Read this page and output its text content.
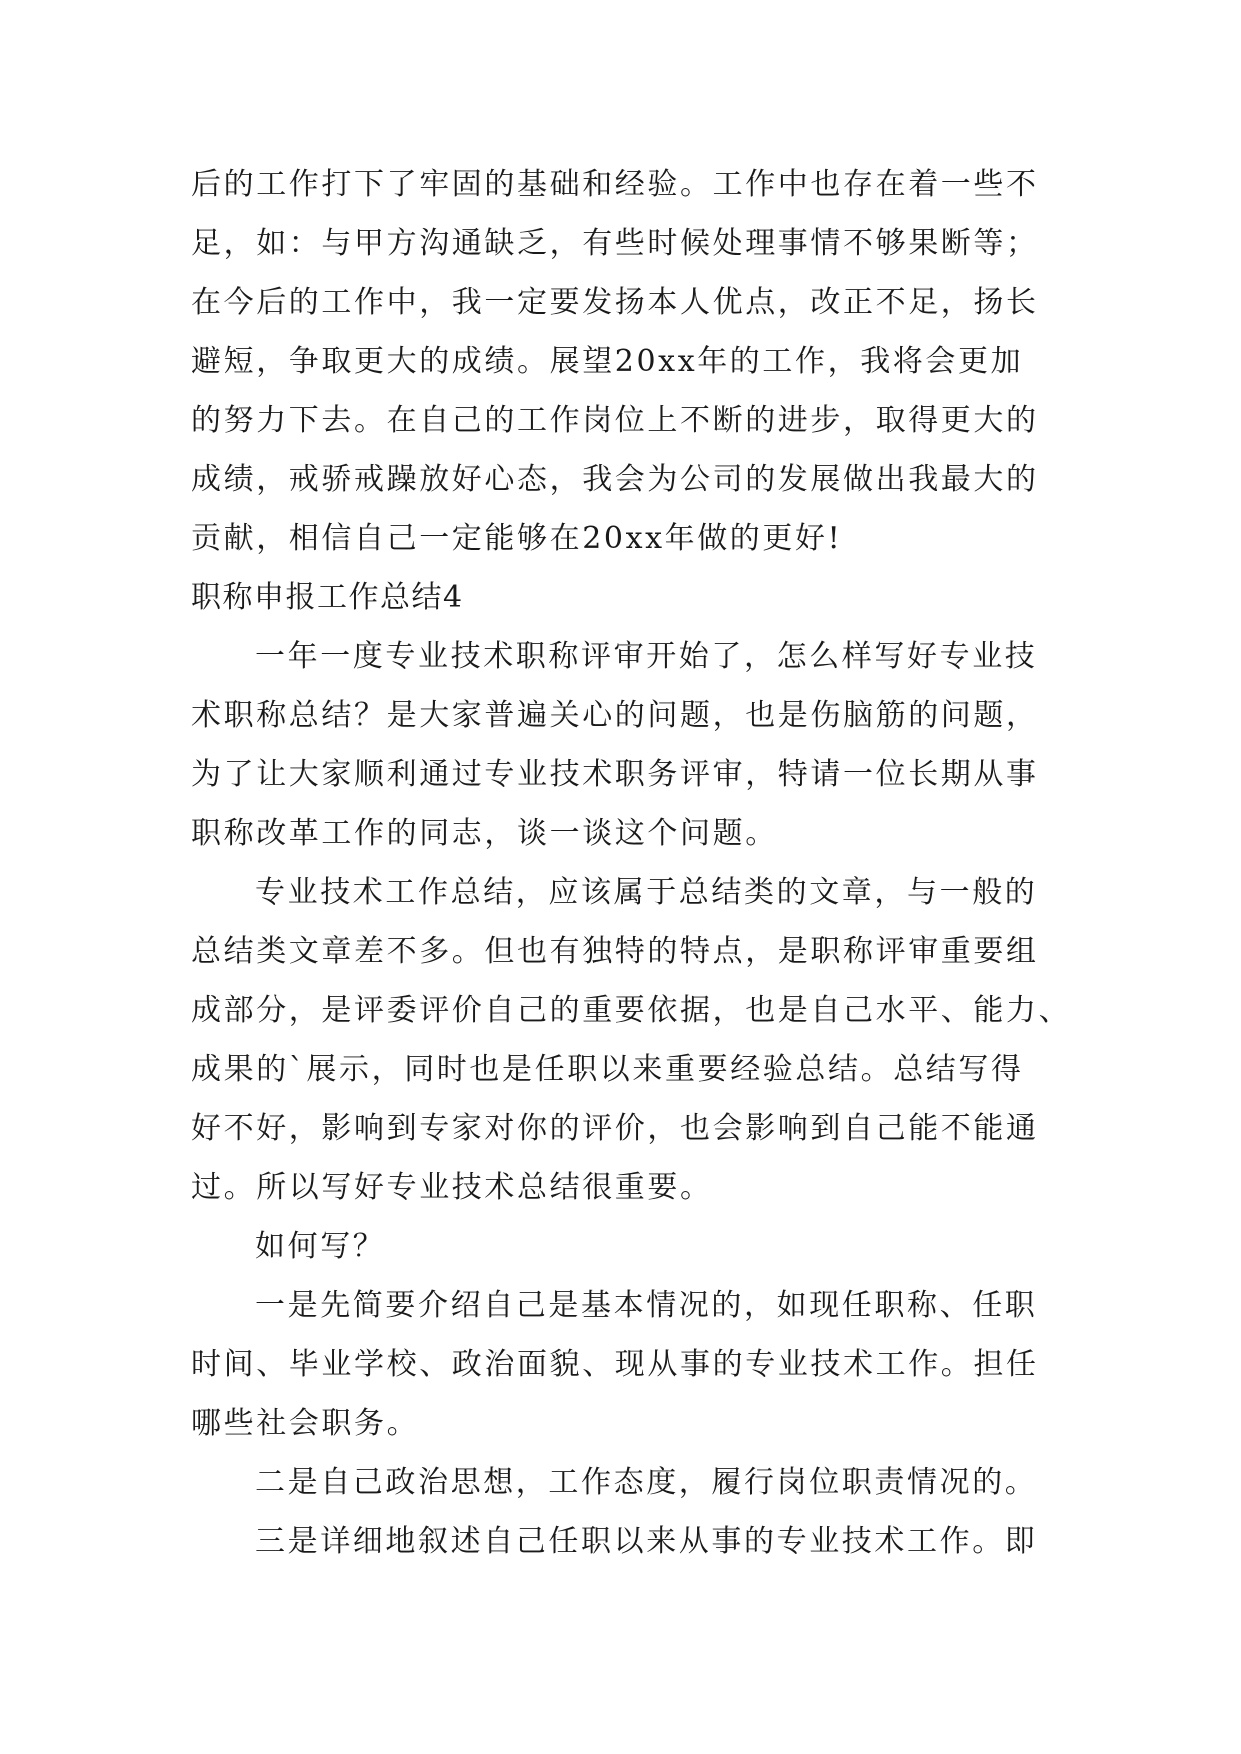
后的工作打下了牢固的基础和经验。工作中也存在着一些不
足，如：与甲方沟通缺乏，有些时候处理事情不够果断等；
在今后的工作中，我一定要发扬本人优点，改正不足，扬长
避短，争取更大的成绩。展望20xx年的工作，我将会更加
的努力下去。在自己的工作岗位上不断的进步，取得更大的
成绩，戒骄戒躁放好心态，我会为公司的发展做出我最大的
贡献，相信自己一定能够在20xx年做的更好!
职称申报工作总结4
一年一度专业技术职称评审开始了，怎么样写好专业技
术职称总结？是大家普遍关心的问题，也是伤脑筋的问题，
为了让大家顺利通过专业技术职务评审，特请一位长期从事
职称改革工作的同志，谈一谈这个问题。
专业技术工作总结，应该属于总结类的文章，与一般的
总结类文章差不多。但也有独特的特点，是职称评审重要组
成部分，是评委评价自己的重要依据，也是自己水平、能力、
成果的`展示，同时也是任职以来重要经验总结。总结写得
好不好，影响到专家对你的评价，也会影响到自己能不能通
过。所以写好专业技术总结很重要。
如何写？
一是先简要介绍自己是基本情况的，如现任职称、任职
时间、毕业学校、政治面貌、现从事的专业技术工作。担任
哪些社会职务。
二是自己政治思想，工作态度，履行岗位职责情况的。
三是详细地叙述自己任职以来从事的专业技术工作。即
